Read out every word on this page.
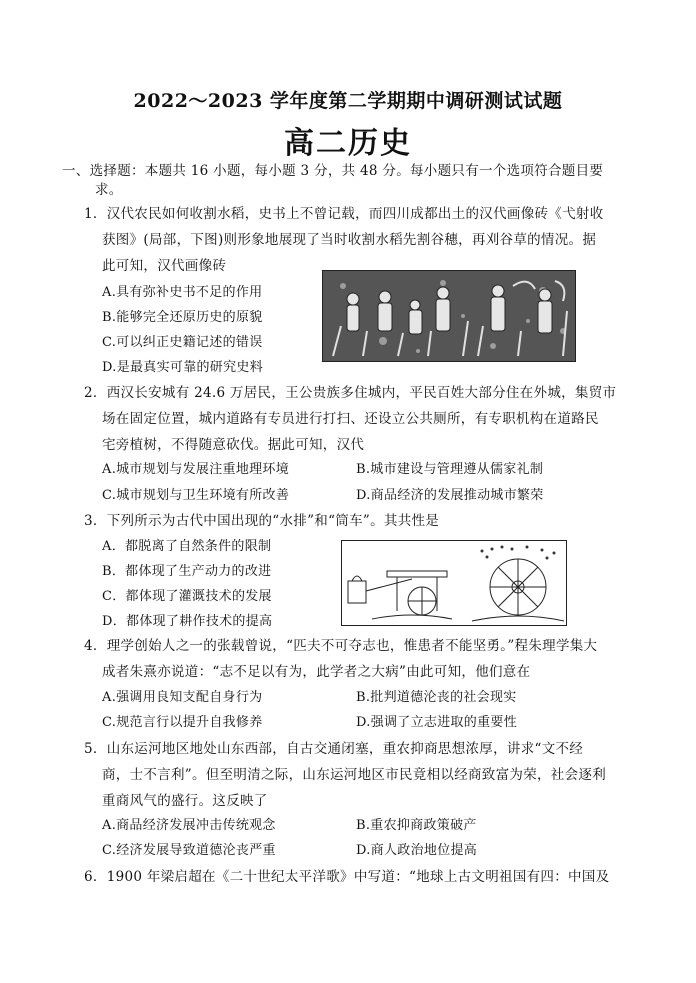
2022～2023 学年度第二学期期中调研测试试题
高二历史
一、选择题：本题共 16 小题，每小题 3 分，共 48 分。每小题只有一个选项符合题目要
求。
1．汉代农民如何收割水稻，史书上不曾记载，而四川成都出土的汉代画像砖《弋射收
获图》(局部，下图)则形象地展现了当时收割水稻先割谷穗，再刈谷草的情况。据
此可知，汉代画像砖
A.具有弥补史书不足的作用
B.能够完全还原历史的原貌
C.可以纠正史籍记述的错误
D.是最真实可靠的研究史料
2．西汉长安城有 24.6 万居民，王公贵族多住城内，平民百姓大部分住在外城，集贸市
场在固定位置，城内道路有专员进行打扫、还设立公共厕所，有专职机构在道路民
宅旁植树，不得随意砍伐。据此可知，汉代
A.城市规划与发展注重地理环境	B.城市建设与管理遵从儒家礼制
C.城市规划与卫生环境有所改善	D.商品经济的发展推动城市繁荣
3．下列所示为古代中国出现的“水排”和“筒车”。其共性是
A．都脱离了自然条件的限制
B．都体现了生产动力的改进
C．都体现了灌溉技术的发展
D．都体现了耕作技术的提高
4．理学创始人之一的张载曾说，“匹夫不可夺志也，惟患者不能坚勇。”程朱理学集大
成者朱熹亦说道：“志不足以有为，此学者之大病”由此可知，他们意在
A.强调用良知支配自身行为	B.批判道德沦丧的社会现实
C.规范言行以提升自我修养	D.强调了立志进取的重要性
5．山东运河地区地处山东西部，自古交通闭塞，重农抑商思想浓厚，讲求“文不经
商，士不言利”。但至明清之际，山东运河地区市民竟相以经商致富为荣，社会逐利
重商风气的盛行。这反映了
A.商品经济发展冲击传统观念	B.重农抑商政策破产
C.经济发展导致道德沦丧严重	D.商人政治地位提高
6．1900 年梁启超在《二十世纪太平洋歌》中写道：“地球上古文明祖国有四：中国及
